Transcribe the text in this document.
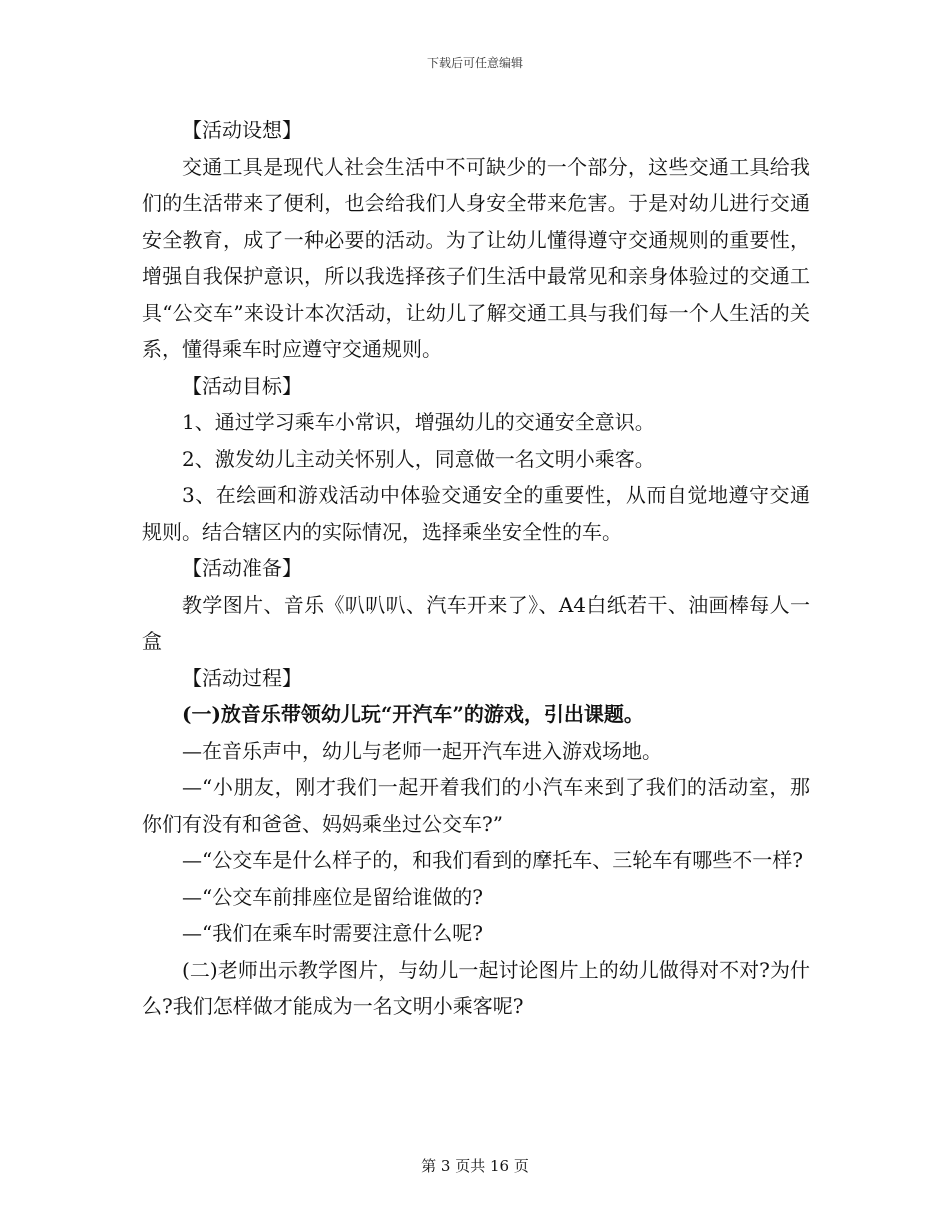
下载后可任意编辑

【活动设想】

交通工具是现代人社会生活中不可缺少的一个部分，这些交通工具给我们的生活带来了便利，也会给我们人身安全带来危害。于是对幼儿进行交通安全教育，成了一种必要的活动。为了让幼儿懂得遵守交通规则的重要性，增强自我保护意识，所以我选择孩子们生活中最常见和亲身体验过的交通工具“公交车”来设计本次活动，让幼儿了解交通工具与我们每一个人生活的关系，懂得乘车时应遵守交通规则。

【活动目标】

1、通过学习乘车小常识，增强幼儿的交通安全意识。

2、激发幼儿主动关怀别人，同意做一名文明小乘客。

3、在绘画和游戏活动中体验交通安全的重要性，从而自觉地遵守交通规则。结合辖区内的实际情况，选择乘坐安全性的车。

【活动准备】

教学图片、音乐《叭叭叭、汽车开来了》、A4白纸若干、油画棒每人一盒

【活动过程】

(一)放音乐带领幼儿玩“开汽车”的游戏，引出课题。

—在音乐声中，幼儿与老师一起开汽车进入游戏场地。

—“小朋友，刚才我们一起开着我们的小汽车来到了我们的活动室，那你们有没有和爸爸、妈妈乘坐过公交车?”

—“公交车是什么样子的，和我们看到的摩托车、三轮车有哪些不一样?

—“公交车前排座位是留给谁做的?

—“我们在乘车时需要注意什么呢?

(二)老师出示教学图片，与幼儿一起讨论图片上的幼儿做得对不对?为什么?我们怎样做才能成为一名文明小乘客呢?

第 3 页共 16 页
